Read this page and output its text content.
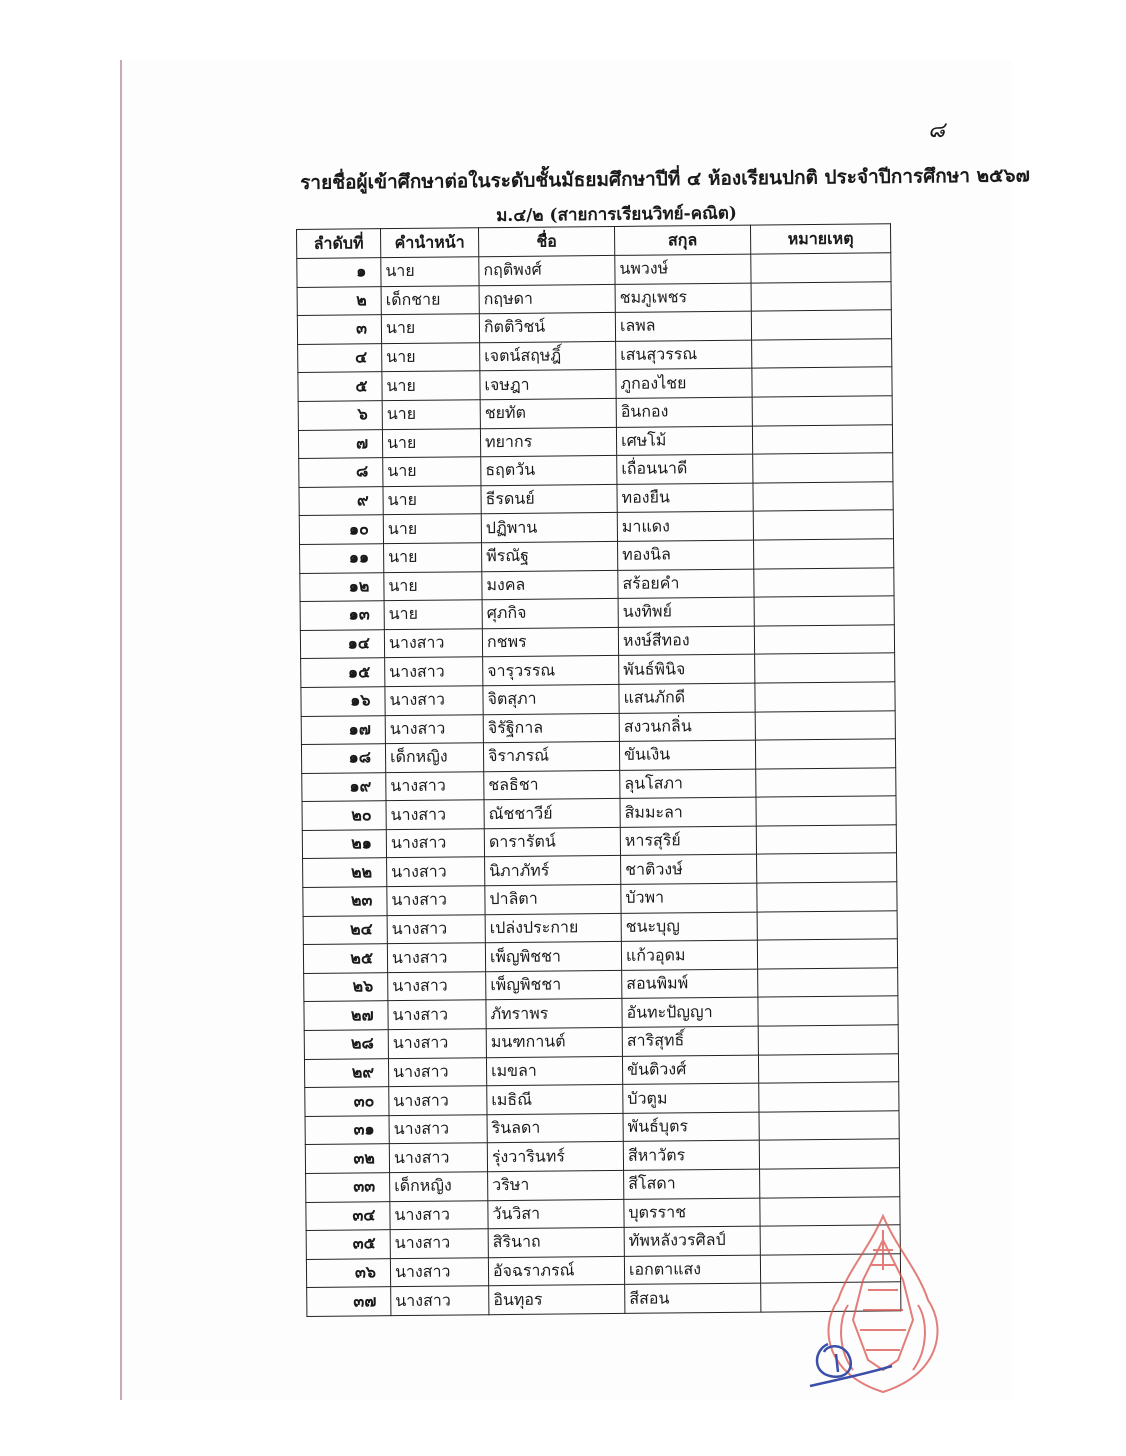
๘
รายชื่อผู้เข้าศึกษาต่อในระดับชั้นมัธยมศึกษาปีที่ ๔ ห้องเรียนปกติ ประจำปีการศึกษา ๒๕๖๗
ม.๔/๒ (สายการเรียนวิทย์-คณิต)
ลำดับที่	คำนำหน้า	ชื่อ	สกุล	หมายเหตุ
๑	นาย	กฤติพงศ์	นพวงษ์	
๒	เด็กชาย	กฤษดา	ชมภูเพชร	
๓	นาย	กิตติวิชน์	เลพล	
๔	นาย	เจตน์สฤษฎิ์	เสนสุวรรณ	
๕	นาย	เจษฎา	ภูกองไชย	
๖	นาย	ชยทัต	อินกอง	
๗	นาย	ทยากร	เศษโม้	
๘	นาย	ธฤตวัน	เถื่อนนาดี	
๙	นาย	ธีรดนย์	ทองยืน	
๑๐	นาย	ปฏิพาน	มาแดง	
๑๑	นาย	พีรณัฐ	ทองนิล	
๑๒	นาย	มงคล	สร้อยคำ	
๑๓	นาย	ศุภกิจ	นงทิพย์	
๑๔	นางสาว	กชพร	หงษ์สีทอง	
๑๕	นางสาว	จารุวรรณ	พันธ์พินิจ	
๑๖	นางสาว	จิตสุภา	แสนภักดี	
๑๗	นางสาว	จิรัฐิกาล	สงวนกลิ่น	
๑๘	เด็กหญิง	จิราภรณ์	ขันเงิน	
๑๙	นางสาว	ชลธิชา	ลุนโสภา	
๒๐	นางสาว	ณัชชาวีย์	สิมมะลา	
๒๑	นางสาว	ดารารัตน์	หารสุริย์	
๒๒	นางสาว	นิภาภัทร์	ชาติวงษ์	
๒๓	นางสาว	ปาลิตา	บัวพา	
๒๔	นางสาว	เปล่งประกาย	ชนะบุญ	
๒๕	นางสาว	เพ็ญพิชชา	แก้วอุดม	
๒๖	นางสาว	เพ็ญพิชชา	สอนพิมพ์	
๒๗	นางสาว	ภัทราพร	อันทะปัญญา	
๒๘	นางสาว	มนฑกานต์	สาริสุทธิ์	
๒๙	นางสาว	เมขลา	ขันติวงศ์	
๓๐	นางสาว	เมธิณี	บัวตูม	
๓๑	นางสาว	รินลดา	พันธ์บุตร	
๓๒	นางสาว	รุ่งวารินทร์	สีหาวัตร	
๓๓	เด็กหญิง	วริษา	สีโสดา	
๓๔	นางสาว	วันวิสา	บุตรราช	
๓๕	นางสาว	สิรินาถ	ทัพหลังวรศิลป์	
๓๖	นางสาว	อัจฉราภรณ์	เอกตาแสง	
๓๗	นางสาว	อินทุอร	สีสอน	
